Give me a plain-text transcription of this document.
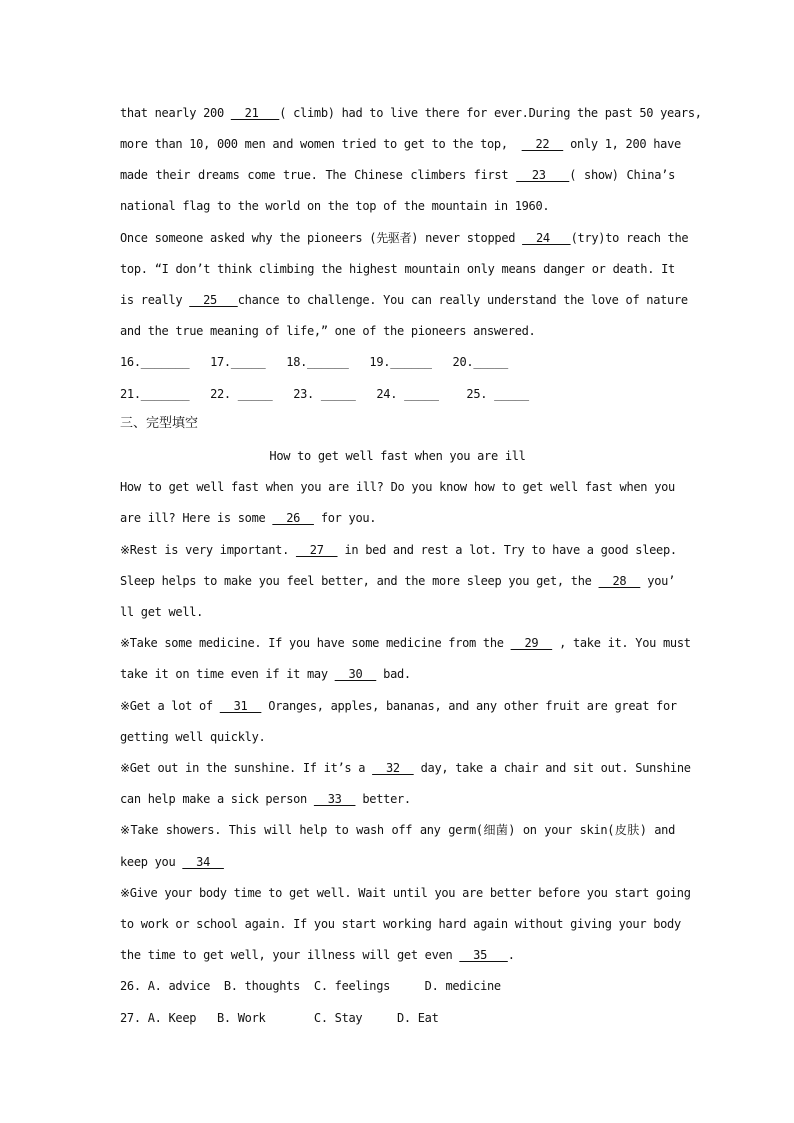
that nearly 200   21   ( climb) had to live there for ever.During the past 50 years,
more than 10, 000 men and women tried to get to the top,    22   only 1, 200 have
made their dreams come true. The Chinese climbers first   23   ( show) China’s
national flag to the world on the top of the mountain in 1960.
Once someone asked why the pioneers (先驱者) never stopped   24   (try)to reach the
top. “I don’t think climbing the highest mountain only means danger or death. It
is really   25   chance to challenge. You can really understand the love of nature
and the true meaning of life,” one of the pioneers answered.
16._______ 17._____ 18.______ 19.______ 20._____
21._______ 22. _____ 23. _____ 24. _____ 25. _____
三、完型填空
How to get well fast when you are ill
How to get well fast when you are ill? Do you know how to get well fast when you
are ill? Here is some   26   for you.
※Rest is very important.   27   in bed and rest a lot. Try to have a good sleep.
Sleep helps to make you feel better, and the more sleep you get, the   28   you’
ll get well.
※Take some medicine. If you have some medicine from the   29   , take it. You must
take it on time even if it may   30   bad.
※Get a lot of   31   Oranges, apples, bananas, and any other fruit are great for
getting well quickly.
※Get out in the sunshine. If it’s a   32   day, take a chair and sit out. Sunshine
can help make a sick person   33   better.
※Take showers. This will help to wash off any germ(细菌) on your skin(皮肤) and
keep you   34
※Give your body time to get well. Wait until you are better before you start going
to work or school again. If you start working hard again without giving your body
the time to get well, your illness will get even   35   .
26. A. advice  B. thoughts  C. feelings     D. medicine
27. A. Keep   B. Work       C. Stay     D. Eat
